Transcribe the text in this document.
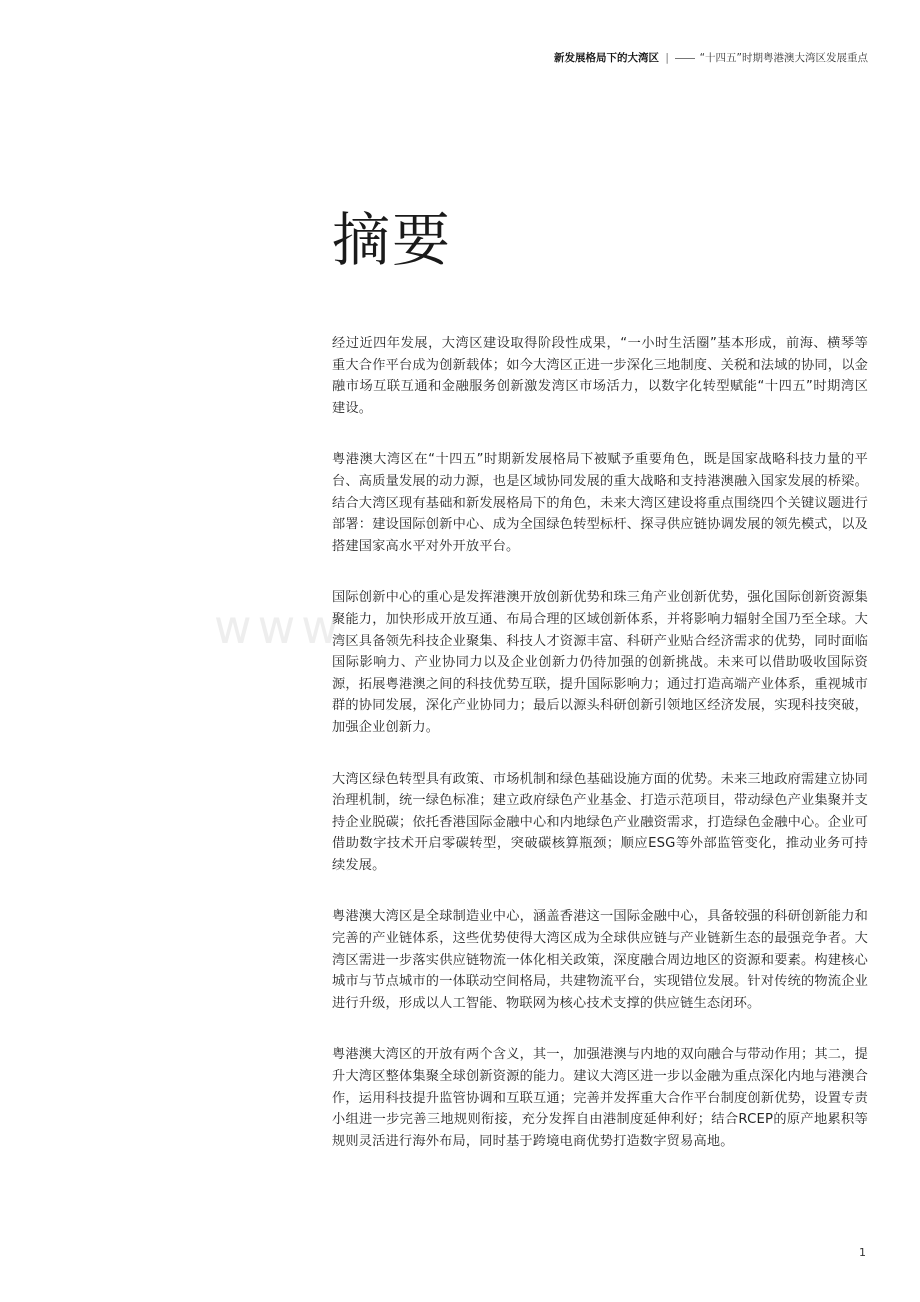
新发展格局下的大湾区 |	“十四五”时期粤港澳大湾区发展重点
摘要
www.

经过近四年发展，大湾区建设取得阶段性成果，“一小时生活圈”基本形成，前海、横琴等重大合作平台成为创新载体；如今大湾区正进一步深化三地制度、关税和法域的协同，以金融市场互联互通和金融服务创新激发湾区市场活力，以数字化转型赋能“十四五”时期湾区建设。

粤港澳大湾区在“十四五”时期新发展格局下被赋予重要角色，既是国家战略科技力量的平台、高质量发展的动力源，也是区域协同发展的重大战略和支持港澳融入国家发展的桥梁。结合大湾区现有基础和新发展格局下的角色，未来大湾区建设将重点围绕四个关键议题进行部署：建设国际创新中心、成为全国绿色转型标杆、探寻供应链协调发展的领先模式，以及搭建国家高水平对外开放平台。

国际创新中心的重心是发挥港澳开放创新优势和珠三角产业创新优势，强化国际创新资源集聚能力，加快形成开放互通、布局合理的区域创新体系，并将影响力辐射全国乃至全球。大湾区具备领先科技企业聚集、科技人才资源丰富、科研产业贴合经济需求的优势，同时面临国际影响力、产业协同力以及企业创新力仍待加强的创新挑战。未来可以借助吸收国际资源，拓展粤港澳之间的科技优势互联，提升国际影响力；通过打造高端产业体系，重视城市群的协同发展，深化产业协同力；最后以源头科研创新引领地区经济发展，实现科技突破，加强企业创新力。

大湾区绿色转型具有政策、市场机制和绿色基础设施方面的优势。未来三地政府需建立协同治理机制，统一绿色标准；建立政府绿色产业基金、打造示范项目，带动绿色产业集聚并支持企业脱碳；依托香港国际金融中心和内地绿色产业融资需求，打造绿色金融中心。企业可借助数字技术开启零碳转型，突破碳核算瓶颈；顺应ESG等外部监管变化，推动业务可持续发展。

粤港澳大湾区是全球制造业中心，涵盖香港这一国际金融中心，具备较强的科研创新能力和完善的产业链体系，这些优势使得大湾区成为全球供应链与产业链新生态的最强竞争者。大湾区需进一步落实供应链物流一体化相关政策，深度融合周边地区的资源和要素。构建核心城市与节点城市的一体联动空间格局，共建物流平台，实现错位发展。针对传统的物流企业进行升级，形成以人工智能、物联网为核心技术支撑的供应链生态闭环。

粤港澳大湾区的开放有两个含义，其一，加强港澳与内地的双向融合与带动作用；其二，提升大湾区整体集聚全球创新资源的能力。建议大湾区进一步以金融为重点深化内地与港澳合作，运用科技提升监管协调和互联互通；完善并发挥重大合作平台制度创新优势，设置专责小组进一步完善三地规则衔接，充分发挥自由港制度延伸利好；结合RCEP的原产地累积等规则灵活进行海外布局，同时基于跨境电商优势打造数字贸易高地。

1
